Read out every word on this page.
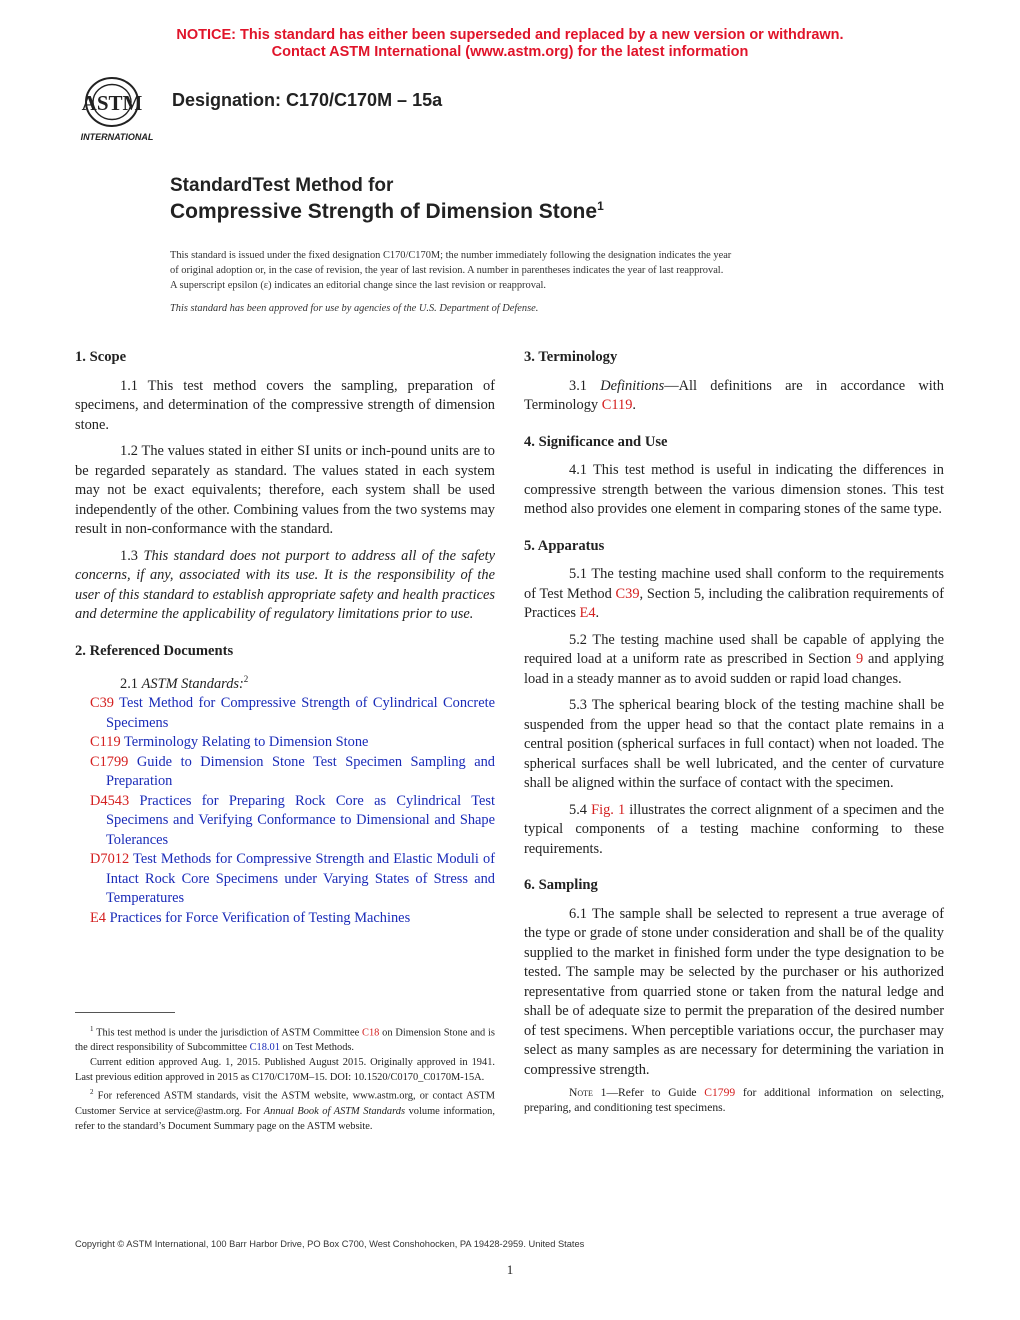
NOTICE: This standard has either been superseded and replaced by a new version or withdrawn.
Contact ASTM International (www.astm.org) for the latest information
ASTM
INTERNATIONAL
Designation: C170/C170M – 15a
StandardTest Method for
Compressive Strength of Dimension Stone$^1$
This standard is issued under the fixed designation C170/C170M; the number immediately following the designation indicates the year
of original adoption or, in the case of revision, the year of last revision. A number in parentheses indicates the year of last reapproval.
A superscript epsilon (ε) indicates an editorial change since the last revision or reapproval.
This standard has been approved for use by agencies of the U.S. Department of Defense.
1. Scope

1.1 This test method covers the sampling, preparation of specimens, and determination of the compressive strength of dimension stone.

1.2 The values stated in either SI units or inch-pound units are to be regarded separately as standard. The values stated in each system may not be exact equivalents; therefore, each system shall be used independently of the other. Combining values from the two systems may result in non-conformance with the standard.

1.3 This standard does not purport to address all of the safety concerns, if any, associated with its use. It is the responsibility of the user of this standard to establish appropriate safety and health practices and determine the applicability of regulatory limitations prior to use.

2. Referenced Documents

2.1 ASTM Standards:$^2$

C39 Test Method for Compressive Strength of Cylindrical Concrete Specimens

C119 Terminology Relating to Dimension Stone

C1799 Guide to Dimension Stone Test Specimen Sampling and Preparation

D4543 Practices for Preparing Rock Core as Cylindrical Test Specimens and Verifying Conformance to Dimensional and Shape Tolerances

D7012 Test Methods for Compressive Strength and Elastic Moduli of Intact Rock Core Specimens under Varying States of Stress and Temperatures

E4 Practices for Force Verification of Testing Machines

$^1$ This test method is under the jurisdiction of ASTM Committee C18 on Dimension Stone and is the direct responsibility of Subcommittee C18.01 on Test Methods.

Current edition approved Aug. 1, 2015. Published August 2015. Originally approved in 1941. Last previous edition approved in 2015 as C170/C170M–15. DOI: 10.1520/C0170_C0170M-15A.

$^2$ For referenced ASTM standards, visit the ASTM website, www.astm.org, or contact ASTM Customer Service at service@astm.org. For Annual Book of ASTM Standards volume information, refer to the standard’s Document Summary page on the ASTM website.

3. Terminology

3.1 Definitions—All definitions are in accordance with Terminology C119.

4. Significance and Use

4.1 This test method is useful in indicating the differences in compressive strength between the various dimension stones. This test method also provides one element in comparing stones of the same type.

5. Apparatus

5.1 The testing machine used shall conform to the requirements of Test Method C39, Section 5, including the calibration requirements of Practices E4.

5.2 The testing machine used shall be capable of applying the required load at a uniform rate as prescribed in Section 9 and applying load in a steady manner as to avoid sudden or rapid load changes.

5.3 The spherical bearing block of the testing machine shall be suspended from the upper head so that the contact plate remains in a central position (spherical surfaces in full contact) when not loaded. The spherical surfaces shall be well lubricated, and the center of curvature shall be aligned within the surface of contact with the specimen.

5.4 Fig. 1 illustrates the correct alignment of a specimen and the typical components of a testing machine conforming to these requirements.

6. Sampling

6.1 The sample shall be selected to represent a true average of the type or grade of stone under consideration and shall be of the quality supplied to the market in finished form under the type designation to be tested. The sample may be selected by the purchaser or his authorized representative from quarried stone or taken from the natural ledge and shall be of adequate size to permit the preparation of the desired number of test specimens. When perceptible variations occur, the purchaser may select as many samples as are necessary for determining the variation in compressive strength.

Note 1—Refer to Guide C1799 for additional information on selecting, preparing, and conditioning test specimens.

Copyright © ASTM International, 100 Barr Harbor Drive, PO Box C700, West Conshohocken, PA 19428-2959. United States
1
